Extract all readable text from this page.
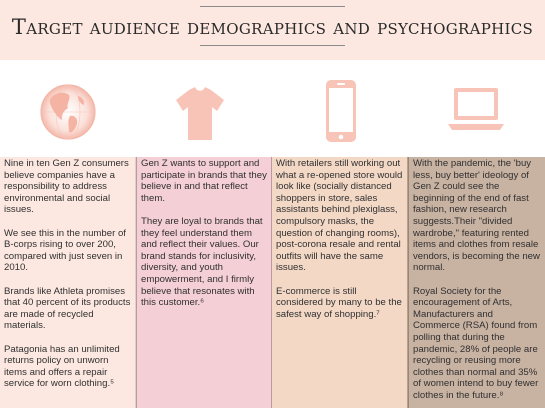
Target audience demographics and psychographics

Nine in ten Gen Z consumers believe companies have a responsibility to address environmental and social issues.

We see this in the number of B-corps rising to over 200, compared with just seven in 2010.

Brands like Athleta promises that 40 percent of its products are made of recycled materials.

Patagonia has an unlimited returns policy on unworn items and offers a repair service for worn clothing.⁵

Gen Z wants to support and participate in brands that they believe in and that reflect them.

They are loyal to brands that they feel understand them and reflect their values. Our brand stands for inclusivity, diversity, and youth empowerment, and I firmly believe that resonates with this customer.⁶

With retailers still working out what a re-opened store would look like (socially distanced shoppers in store, sales assistants behind plexiglass, compulsory masks, the question of changing rooms), post-corona resale and rental outfits will have the same issues.

E-commerce is still considered by many to be the safest way of shopping.⁷

With the pandemic, the 'buy less, buy better' ideology of Gen Z could see the beginning of the end of fast fashion, new research suggests.Their "divided wardrobe," featuring rented items and clothes from resale vendors, is becoming the new normal.

Royal Society for the encouragement of Arts, Manufacturers and Commerce (RSA) found from polling that during the pandemic, 28% of people are recycling or reusing more clothes than normal and 35% of women intend to buy fewer clothes in the future.⁸
